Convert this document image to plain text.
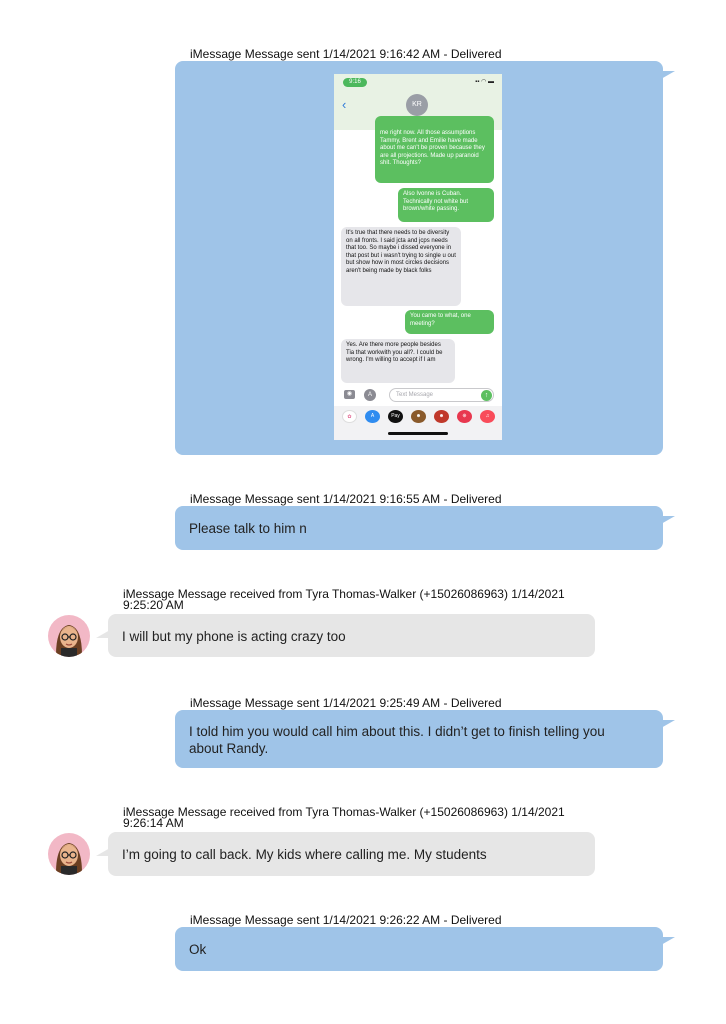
iMessage Message sent 1/14/2021 9:16:42 AM - Delivered
9:16	▪▪ ◠ ▬
‹	KR
me right now. All those assumptions Tammy, Brent and Emilie have made about me can't be proven because they are all projections. Made up paranoid shit. Thoughts?
Also Ivonne is Cuban. Technically not white but brown/white passing.
It's true that there needs to be diversity on all fronts. I said jcta and jcps needs that too. So maybe i dissed everyone in that post but i wasn't trying to single u out but show how in most circles decisions aren't being made by black folks
You came to what, one meeting?
Yes. Are there more people besides Tia that workwith you all?. I could be wrong. I'm willing to accept if I am
◉	A	Text Message	↑
✿	A	Pay	☻	☻	⊕	♫
iMessage Message sent 1/14/2021 9:16:55 AM - Delivered
Please talk to him n
iMessage Message received from Tyra Thomas-Walker (+15026086963) 1/14/2021 9:25:20 AM
I will but my phone is acting crazy too
iMessage Message sent 1/14/2021 9:25:49 AM - Delivered
I told him you would call him about this. I didn’t get to finish telling you about Randy.
iMessage Message received from Tyra Thomas-Walker (+15026086963) 1/14/2021 9:26:14 AM
I’m going to call back. My kids where calling me. My students
iMessage Message sent 1/14/2021 9:26:22 AM - Delivered
Ok
